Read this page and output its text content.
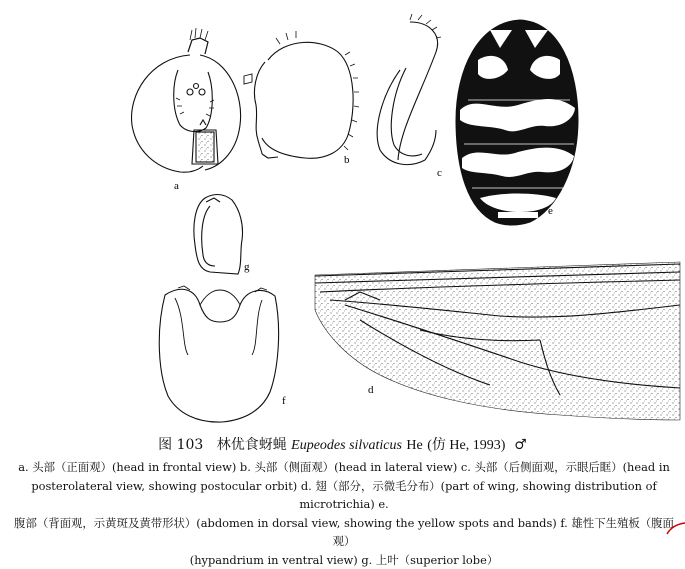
a
b
c
e
g
f
d
图 103 林优食蚜蝇 Eupeodes silvaticus He (仿 He, 1993) ♂
a. 头部（正面观）(head in frontal view) b. 头部（侧面观）(head in lateral view) c. 头部（后侧面观，示眼后眶）(head in
posterolateral view, showing postocular orbit) d. 翅（部分，示微毛分布）(part of wing, showing distribution of microtrichia) e.
腹部（背面观，示黄斑及黄带形状）(abdomen in dorsal view, showing the yellow spots and bands) f. 雄性下生殖板（腹面观）
(hypandrium in ventral view) g. 上叶（superior lobe）
